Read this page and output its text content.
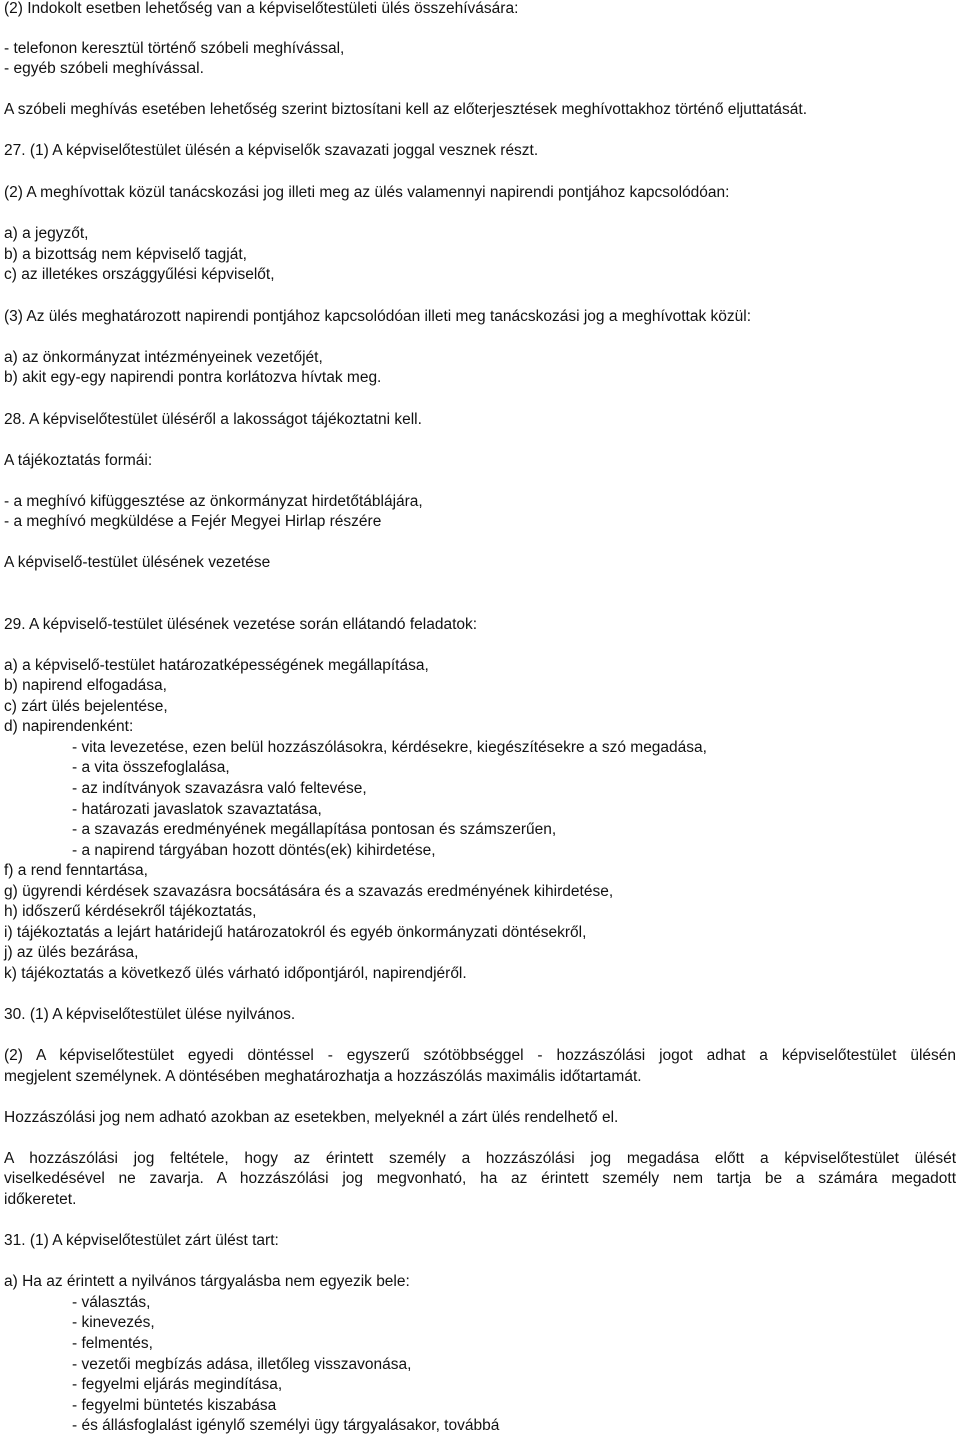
(2) Indokolt esetben lehetőség van a képviselőtestületi ülés összehívására:
- telefonon keresztül történő szóbeli meghívással,
- egyéb szóbeli meghívással.
A szóbeli meghívás esetében lehetőség szerint biztosítani kell az előterjesztések meghívottakhoz történő eljuttatását.
27. (1) A képviselőtestület ülésén a képviselők szavazati joggal vesznek részt.
(2) A meghívottak közül tanácskozási jog illeti meg az ülés valamennyi napirendi pontjához kapcsolódóan:
a) a jegyzőt,
b) a bizottság nem képviselő tagját,
c) az illetékes országgyűlési képviselőt,
(3) Az ülés meghatározott napirendi pontjához kapcsolódóan illeti meg tanácskozási jog a meghívottak közül:
a) az önkormányzat intézményeinek vezetőjét,
b) akit egy-egy napirendi pontra korlátozva hívtak meg.
28. A képviselőtestület üléséről a lakosságot tájékoztatni kell.
A tájékoztatás formái:
- a meghívó kifüggesztése az önkormányzat hirdetőtáblájára,
- a meghívó megküldése a Fejér Megyei Hirlap részére
A képviselő-testület ülésének vezetése
29. A képviselő-testület ülésének vezetése során ellátandó feladatok:
a) a képviselő-testület határozatképességének megállapítása,
b) napirend elfogadása,
c) zárt ülés bejelentése,
d) napirendenként:
- vita levezetése, ezen belül hozzászólásokra, kérdésekre, kiegészítésekre a szó megadása,
- a vita összefoglalása,
- az indítványok szavazásra való feltevése,
- határozati javaslatok szavaztatása,
- a szavazás eredményének megállapítása pontosan és számszerűen,
- a napirend tárgyában hozott döntés(ek) kihirdetése,
f) a rend fenntartása,
g) ügyrendi kérdések szavazásra bocsátására és a szavazás eredményének kihirdetése,
h) időszerű kérdésekről tájékoztatás,
i) tájékoztatás a lejárt határidejű határozatokról és egyéb önkormányzati döntésekről,
j) az ülés bezárása,
k) tájékoztatás a következő ülés várható időpontjáról, napirendjéről.
30. (1) A képviselőtestület ülése nyilvános.
(2) A képviselőtestület egyedi döntéssel - egyszerű szótöbbséggel - hozzászólási jogot adhat a képviselőtestület ülésén
megjelent személynek. A döntésében meghatározhatja a hozzászólás maximális időtartamát.
Hozzászólási jog nem adható azokban az esetekben, melyeknél a zárt ülés rendelhető el.
A hozzászólási jog feltétele, hogy az érintett személy a hozzászólási jog megadása előtt a képviselőtestület ülését
viselkedésével ne zavarja. A hozzászólási jog megvonható, ha az érintett személy nem tartja be a számára megadott
időkeretet.
31. (1) A képviselőtestület zárt ülést tart:
a) Ha az érintett a nyilvános tárgyalásba nem egyezik bele:
- választás,
- kinevezés,
- felmentés,
- vezetői megbízás adása, illetőleg visszavonása,
- fegyelmi eljárás megindítása,
- fegyelmi büntetés kiszabása
- és állásfoglalást igénylő személyi ügy tárgyalásakor, továbbá
